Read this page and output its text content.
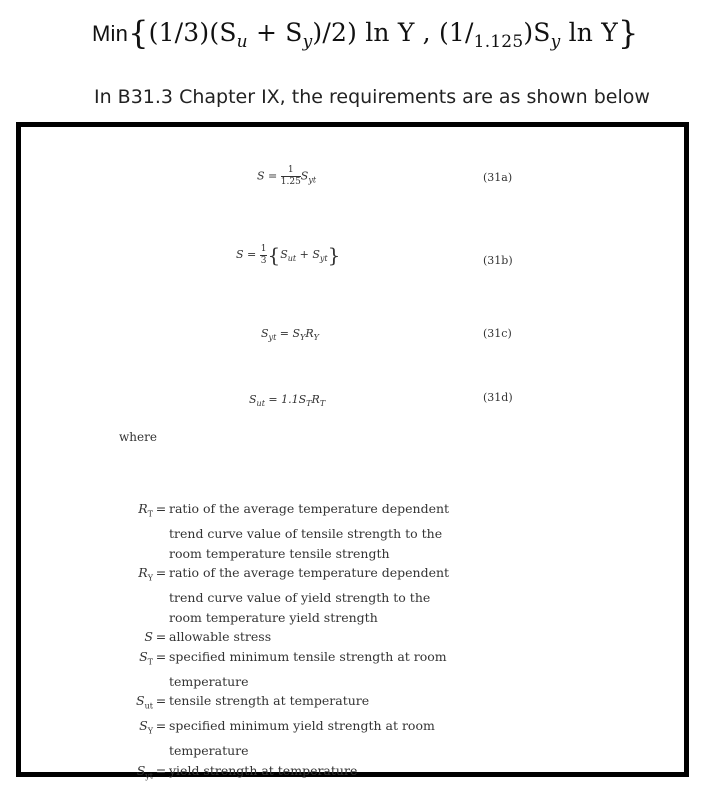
$Min\{(1/3)(S_u + S_y)/2)$ ln Y , $(1/_{1.125})S_y$ ln Y}
In B31.3 Chapter IX, the requirements are as shown below
$S = \frac{1}{1.25} S_{yt}$	(31a)
$S = \frac{1}{3} \{S_{ut} + S_{yt}\}$	(31b)
$S_{yt} = S_YR_Y$	(31c)
$S_{ut} = 1.1S_TR_T$	(31d)
where
$R_T$ = ratio of the average temperature dependent
trend curve value of tensile strength to the
room temperature tensile strength
$R_Y$ = ratio of the average temperature dependent
trend curve value of yield strength to the
room temperature yield strength
S = allowable stress
$S_T$ = specified minimum tensile strength at room
temperature
$S_{ut}$ = tensile strength at temperature
$S_Y$ = specified minimum yield strength at room
temperature
$S_{yt}$ = yield strength at temperature
